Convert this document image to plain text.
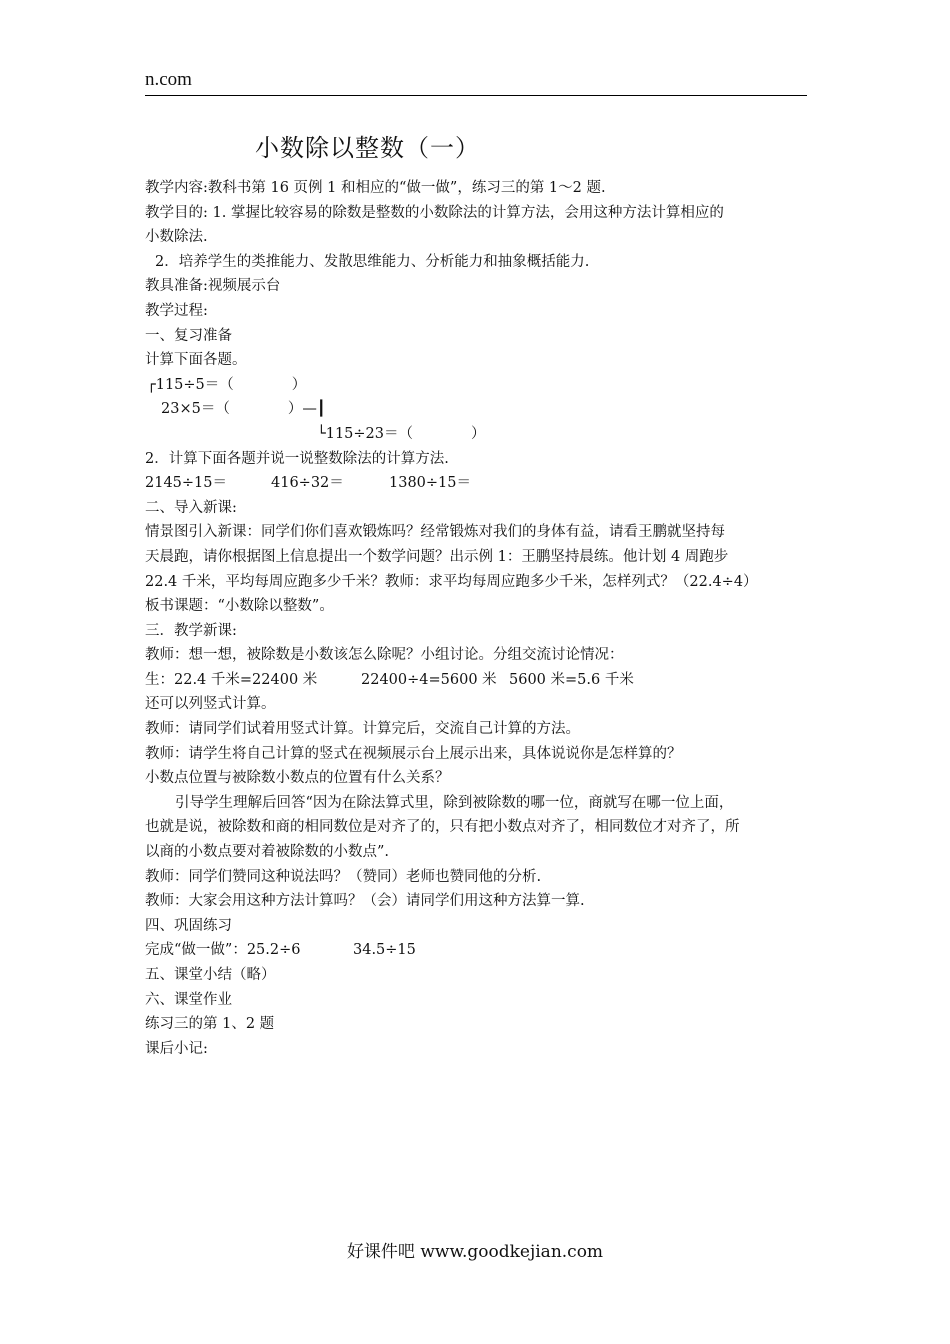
n.com
小数除以整数（一）
教学内容:教科书第 16 页例 1 和相应的“做一做”，练习三的第 1～2 题.
教学目的: 1. 掌握比较容易的除数是整数的小数除法的计算方法，会用这种方法计算相应的
小数除法.
2．培养学生的类推能力、发散思维能力、分析能力和抽象概括能力.
教具准备:视频展示台
教学过程:
一、复习准备
计算下面各题。
┌115÷5＝（　　　　）
23×5＝（　　　　）—┃
└115÷23＝（　　　　）
2．计算下面各题并说一说整数除法的计算方法.
2145÷15＝	416÷32＝	1380÷15＝
二、导入新课:
情景图引入新课：同学们你们喜欢锻炼吗？经常锻炼对我们的身体有益，请看王鹏就坚持每
天晨跑，请你根据图上信息提出一个数学问题？出示例 1：王鹏坚持晨练。他计划 4 周跑步
22.4 千米，平均每周应跑多少千米？教师：求平均每周应跑多少千米，怎样列式？（22.4÷4）
板书课题：“小数除以整数”。
三．教学新课:
教师：想一想，被除数是小数该怎么除呢？小组讨论。分组交流讨论情况：
生：22.4 千米=22400 米	22400÷4=5600 米 5600 米=5.6 千米
还可以列竖式计算。
教师：请同学们试着用竖式计算。计算完后，交流自己计算的方法。
教师：请学生将自己计算的竖式在视频展示台上展示出来，具体说说你是怎样算的？
小数点位置与被除数小数点的位置有什么关系？
引导学生理解后回答“因为在除法算式里，除到被除数的哪一位，商就写在哪一位上面，
也就是说，被除数和商的相同数位是对齐了的，只有把小数点对齐了，相同数位才对齐了，所
以商的小数点要对着被除数的小数点”.
教师：同学们赞同这种说法吗？（赞同）老师也赞同他的分析.
教师：大家会用这种方法计算吗？（会）请同学们用这种方法算一算.
四、巩固练习
完成“做一做”：25.2÷6	34.5÷15
五、课堂小结（略）
六、课堂作业
练习三的第 1、2 题
课后小记:
好课件吧 www.goodkejian.com
